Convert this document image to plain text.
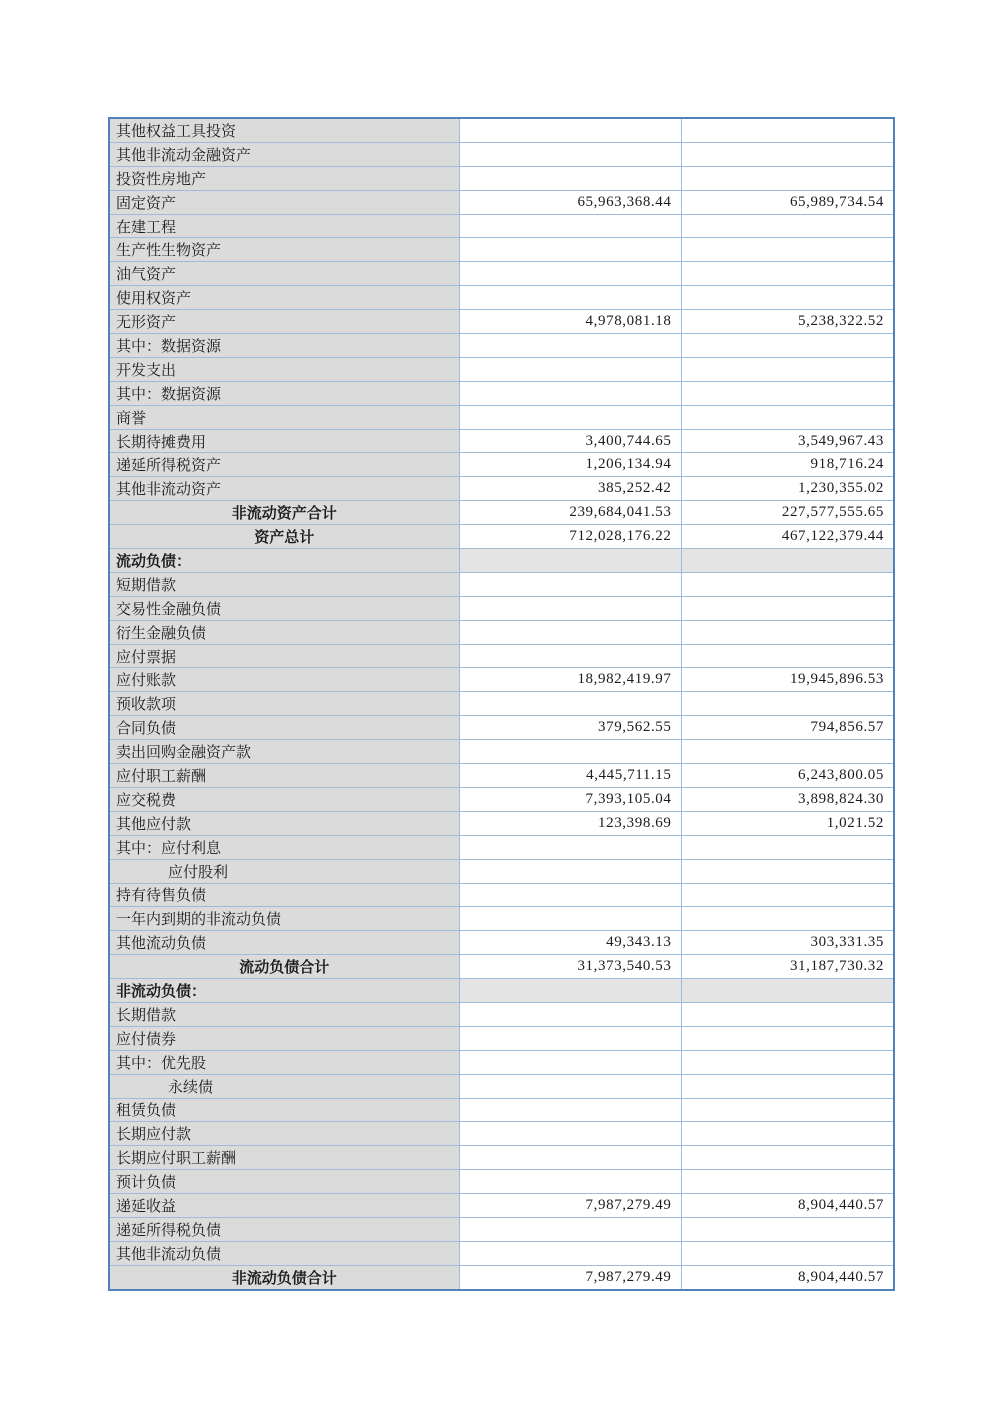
其他权益工具投资		
其他非流动金融资产		
投资性房地产		
固定资产	65,963,368.44	65,989,734.54
在建工程		
生产性生物资产		
油气资产		
使用权资产		
无形资产	4,978,081.18	5,238,322.52
其中：数据资源		
开发支出		
其中：数据资源		
商誉		
长期待摊费用	3,400,744.65	3,549,967.43
递延所得税资产	1,206,134.94	918,716.24
其他非流动资产	385,252.42	1,230,355.02
非流动资产合计	239,684,041.53	227,577,555.65
资产总计	712,028,176.22	467,122,379.44
流动负债：		
短期借款		
交易性金融负债		
衍生金融负债		
应付票据		
应付账款	18,982,419.97	19,945,896.53
预收款项		
合同负债	379,562.55	794,856.57
卖出回购金融资产款		
应付职工薪酬	4,445,711.15	6,243,800.05
应交税费	7,393,105.04	3,898,824.30
其他应付款	123,398.69	1,021.52
其中：应付利息		
应付股利		
持有待售负债		
一年内到期的非流动负债		
其他流动负债	49,343.13	303,331.35
流动负债合计	31,373,540.53	31,187,730.32
非流动负债：		
长期借款		
应付债券		
其中：优先股		
永续债		
租赁负债		
长期应付款		
长期应付职工薪酬		
预计负债		
递延收益	7,987,279.49	8,904,440.57
递延所得税负债		
其他非流动负债		
非流动负债合计	7,987,279.49	8,904,440.57
